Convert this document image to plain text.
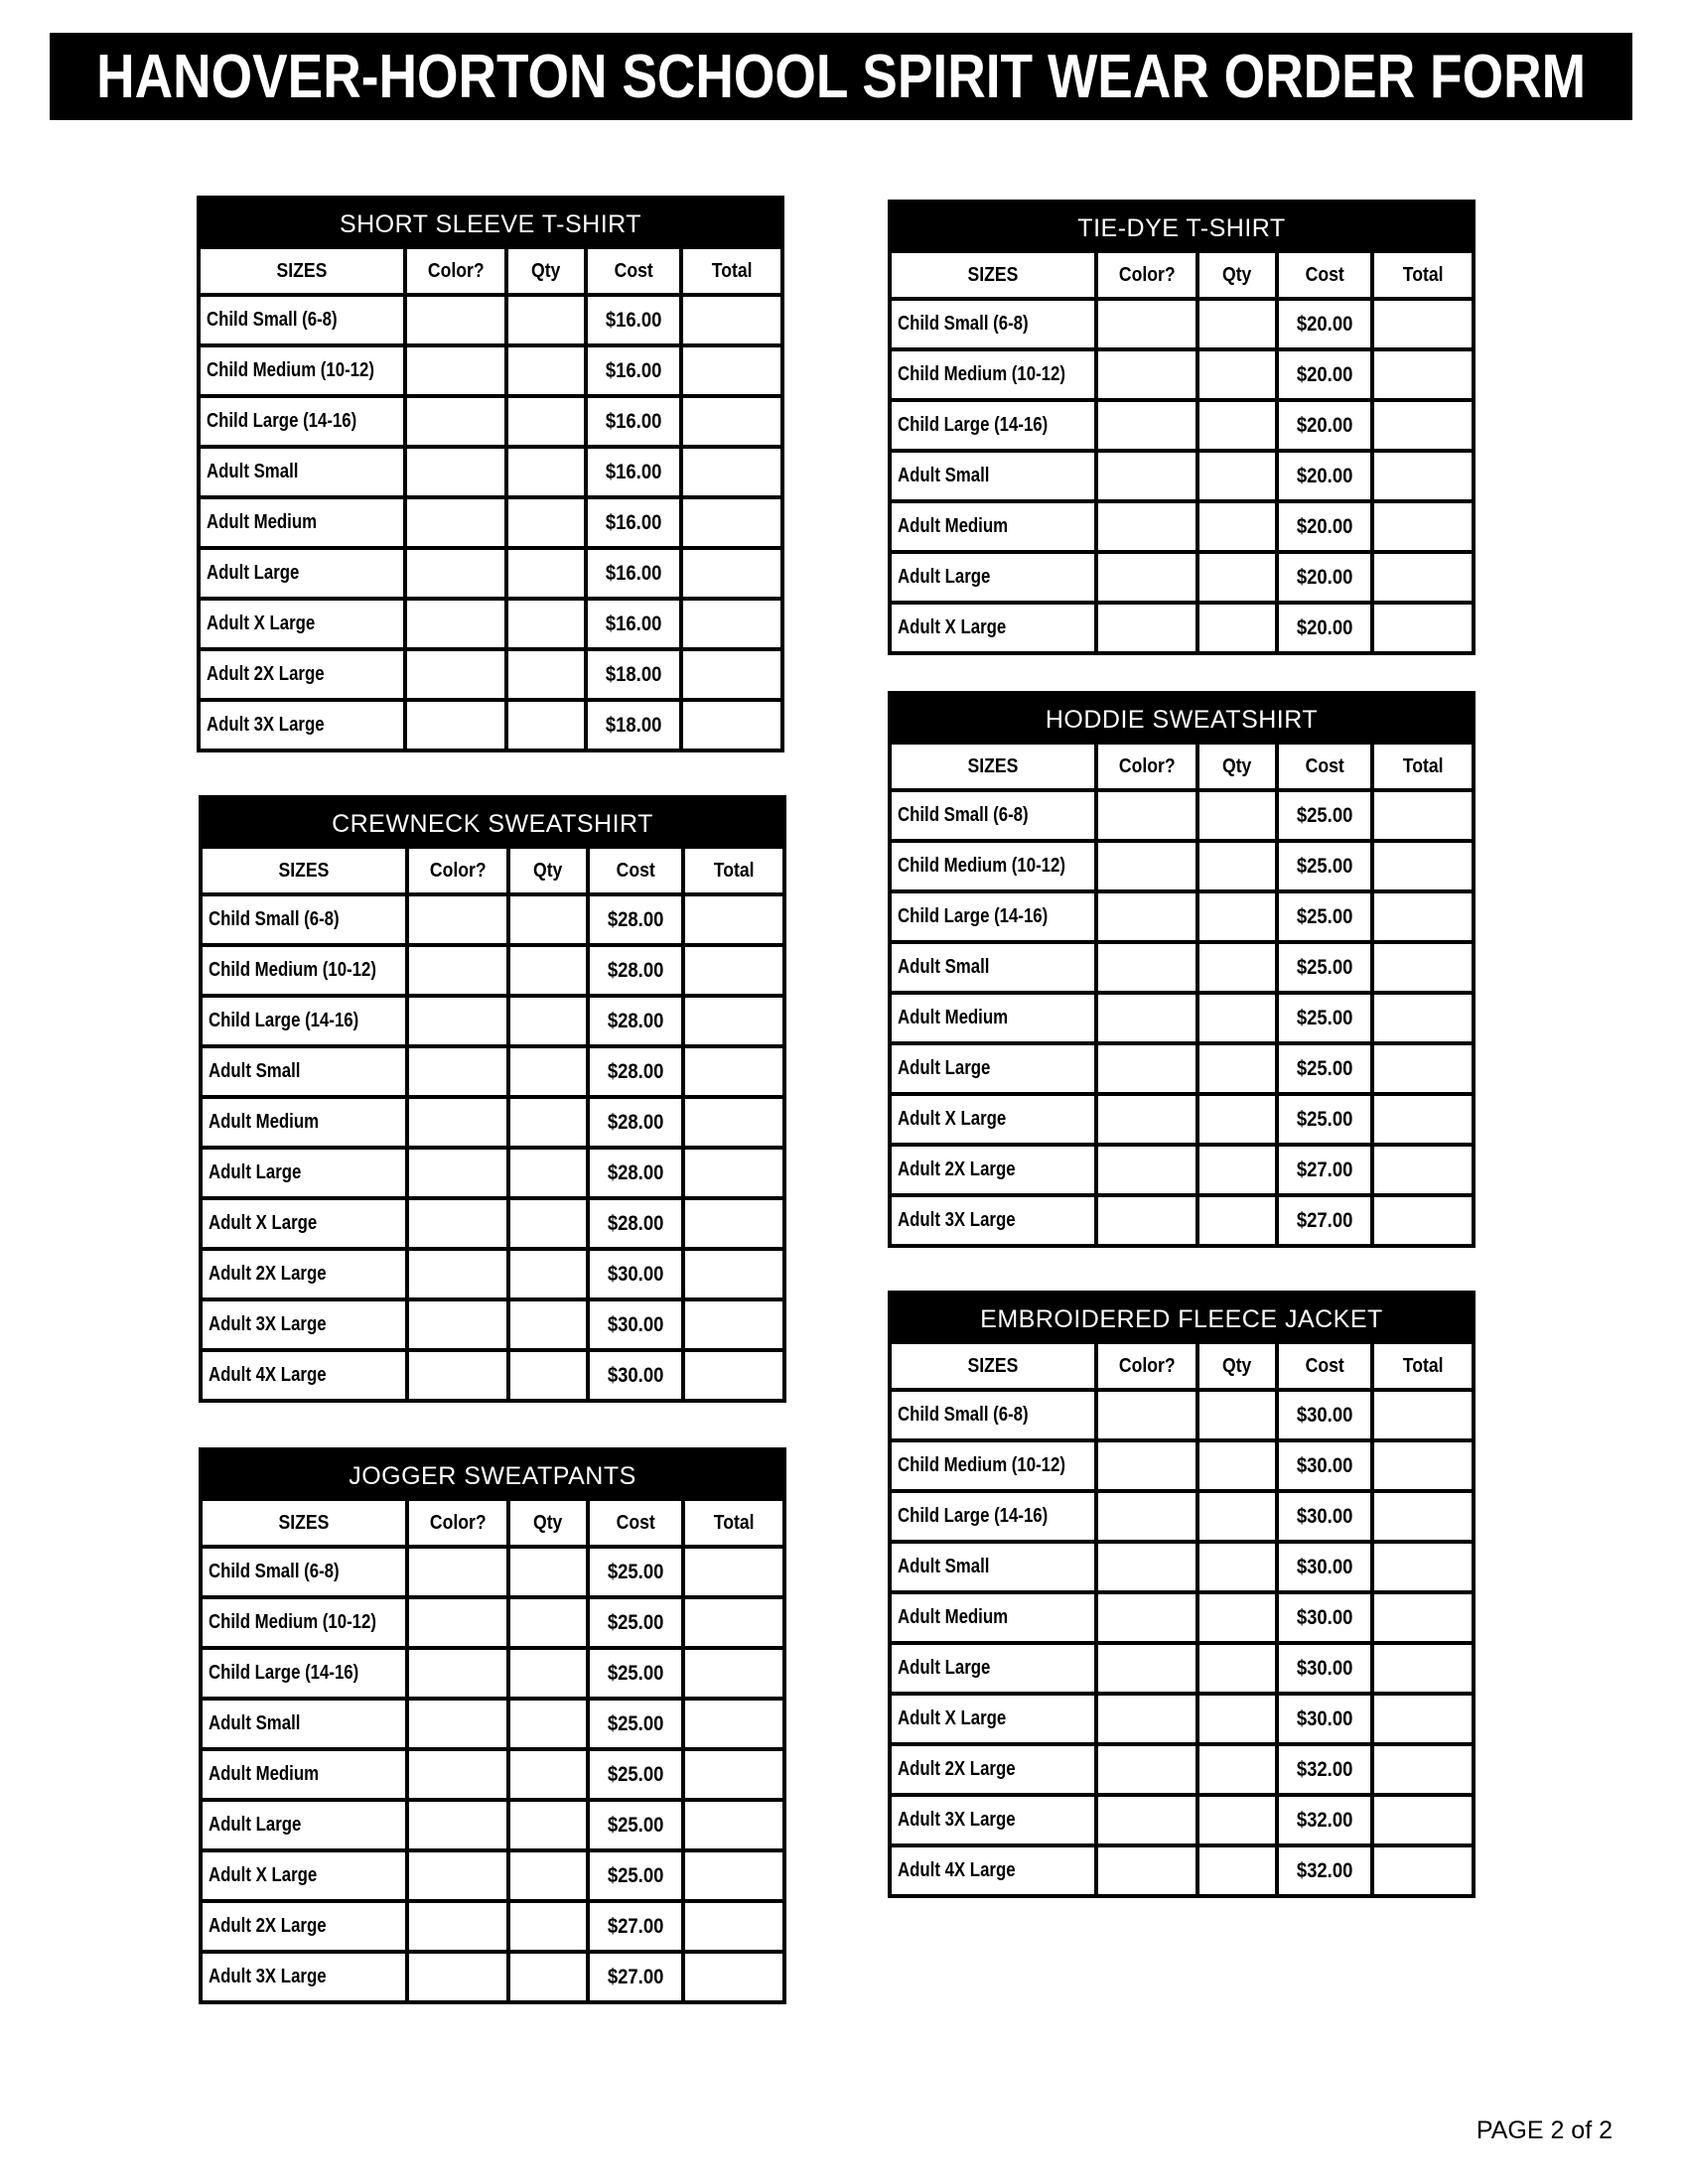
HANOVER-HORTON SCHOOL SPIRIT WEAR ORDER FORM
SHORT SLEEVE T-SHIRT
SIZES	Color? Qty	Cost	Total
Child Small (6-8)	$16.00
Child Medium (10-12)	$16.00
Child Large (14-16)	$16.00
Adult Small	$16.00
Adult Medium	$16.00
Adult Large	$16.00
Adult X Large	$16.00
Adult 2X Large	$18.00
Adult 3X Large	$18.00
CREWNECK SWEATSHIRT
SIZES	Color? Qty	Cost	Total
Child Small (6-8)	$28.00
Child Medium (10-12)	$28.00
Child Large (14-16)	$28.00
Adult Small	$28.00
Adult Medium	$28.00
Adult Large	$28.00
Adult X Large	$28.00
Adult 2X Large	$30.00
Adult 3X Large	$30.00
Adult 4X Large	$30.00
JOGGER SWEATPANTS
SIZES	Color? Qty	Cost	Total
Child Small (6-8)	$25.00
Child Medium (10-12)	$25.00
Child Large (14-16)	$25.00
Adult Small	$25.00
Adult Medium	$25.00
Adult Large	$25.00
Adult X Large	$25.00
Adult 2X Large	$27.00
Adult 3X Large	$27.00
TIE-DYE T-SHIRT
SIZES	Color? Qty	Cost	Total
Child Small (6-8)	$20.00
Child Medium (10-12)	$20.00
Child Large (14-16)	$20.00
Adult Small	$20.00
Adult Medium	$20.00
Adult Large	$20.00
Adult X Large	$20.00
HODDIE SWEATSHIRT
SIZES	Color? Qty	Cost	Total
Child Small (6-8)	$25.00
Child Medium (10-12)	$25.00
Child Large (14-16)	$25.00
Adult Small	$25.00
Adult Medium	$25.00
Adult Large	$25.00
Adult X Large	$25.00
Adult 2X Large	$27.00
Adult 3X Large	$27.00
EMBROIDERED FLEECE JACKET
SIZES	Color? Qty	Cost	Total
Child Small (6-8)	$30.00
Child Medium (10-12)	$30.00
Child Large (14-16)	$30.00
Adult Small	$30.00
Adult Medium	$30.00
Adult Large	$30.00
Adult X Large	$30.00
Adult 2X Large	$32.00
Adult 3X Large	$32.00
Adult 4X Large	$32.00
PAGE 2 of 2
